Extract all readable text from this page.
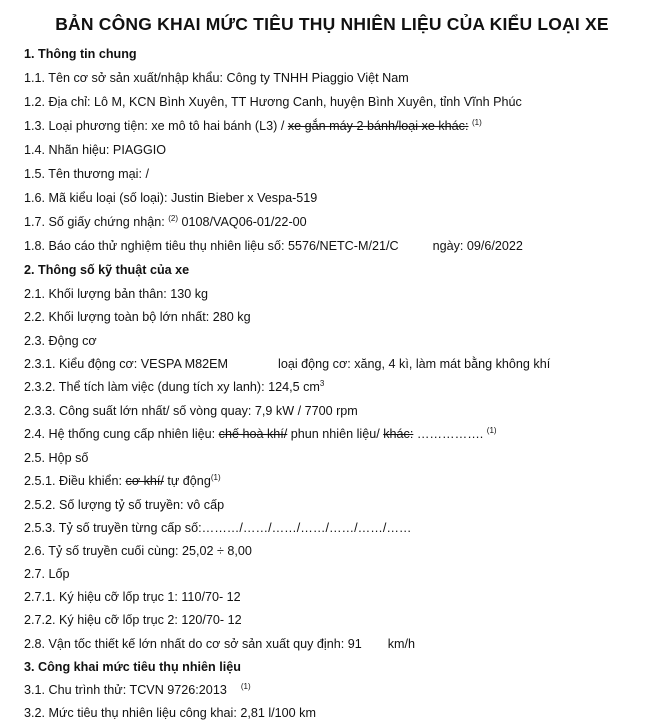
BẢN CÔNG KHAI MỨC TIÊU THỤ NHIÊN LIỆU CỦA KIỂU LOẠI XE
1. Thông tin chung
1.1. Tên cơ sở sản xuất/nhập khẩu: Công ty TNHH Piaggio Việt Nam
1.2. Địa chỉ: Lô M, KCN Bình Xuyên, TT Hương Canh, huyện Bình Xuyên, tỉnh Vĩnh Phúc
1.3. Loại phương tiện: xe mô tô hai bánh (L3) / xe gắn máy 2 bánh/loại xe khác: $^{(1)}$
1.4. Nhãn hiệu: PIAGGIO
1.5. Tên thương mại: /
1.6. Mã kiểu loại (số loại): Justin Bieber x Vespa-519
1.7. Số giấy chứng nhận: $^{(2)}$ 0108/VAQ06-01/22-00
1.8. Báo cáo thử nghiệm tiêu thụ nhiên liệu số: 5576/NETC-M/21/C	ngày: 09/6/2022
2. Thông số kỹ thuật của xe
2.1. Khối lượng bản thân: 130 kg
2.2. Khối lượng toàn bộ lớn nhất: 280 kg
2.3. Động cơ
2.3.1. Kiểu động cơ: VESPA M82EM	loại động cơ: xăng, 4 kì, làm mát bằng không khí
2.3.2. Thể tích làm việc (dung tích xy lanh): 124,5 $cm^3$
2.3.3. Công suất lớn nhất/ số vòng quay: 7,9 kW / 7700 rpm
2.4. Hệ thống cung cấp nhiên liệu: chế hoà khí/ phun nhiên liệu/ khác: ……………. $^{(1)}$
2.5. Hộp số
2.5.1. Điều khiển: cơ khí/ tự động$^{(1)}$
2.5.2. Số lượng tỷ số truyền: vô cấp
2.5.3. Tỷ số truyền từng cấp số:………/……/……/……/……/……/……
2.6. Tỷ số truyền cuối cùng: 25,02 ÷ 8,00
2.7. Lốp
2.7.1. Ký hiệu cỡ lốp trục 1: 110/70- 12
2.7.2. Ký hiệu cỡ lốp trục 2: 120/70- 12
2.8. Vận tốc thiết kế lớn nhất do cơ sở sản xuất quy định: 91 km/h
3. Công khai mức tiêu thụ nhiên liệu
3.1. Chu trình thử: TCVN 9726:2013 $^{(1)}$
3.2. Mức tiêu thụ nhiên liệu công khai: 2,81 l/100 km
